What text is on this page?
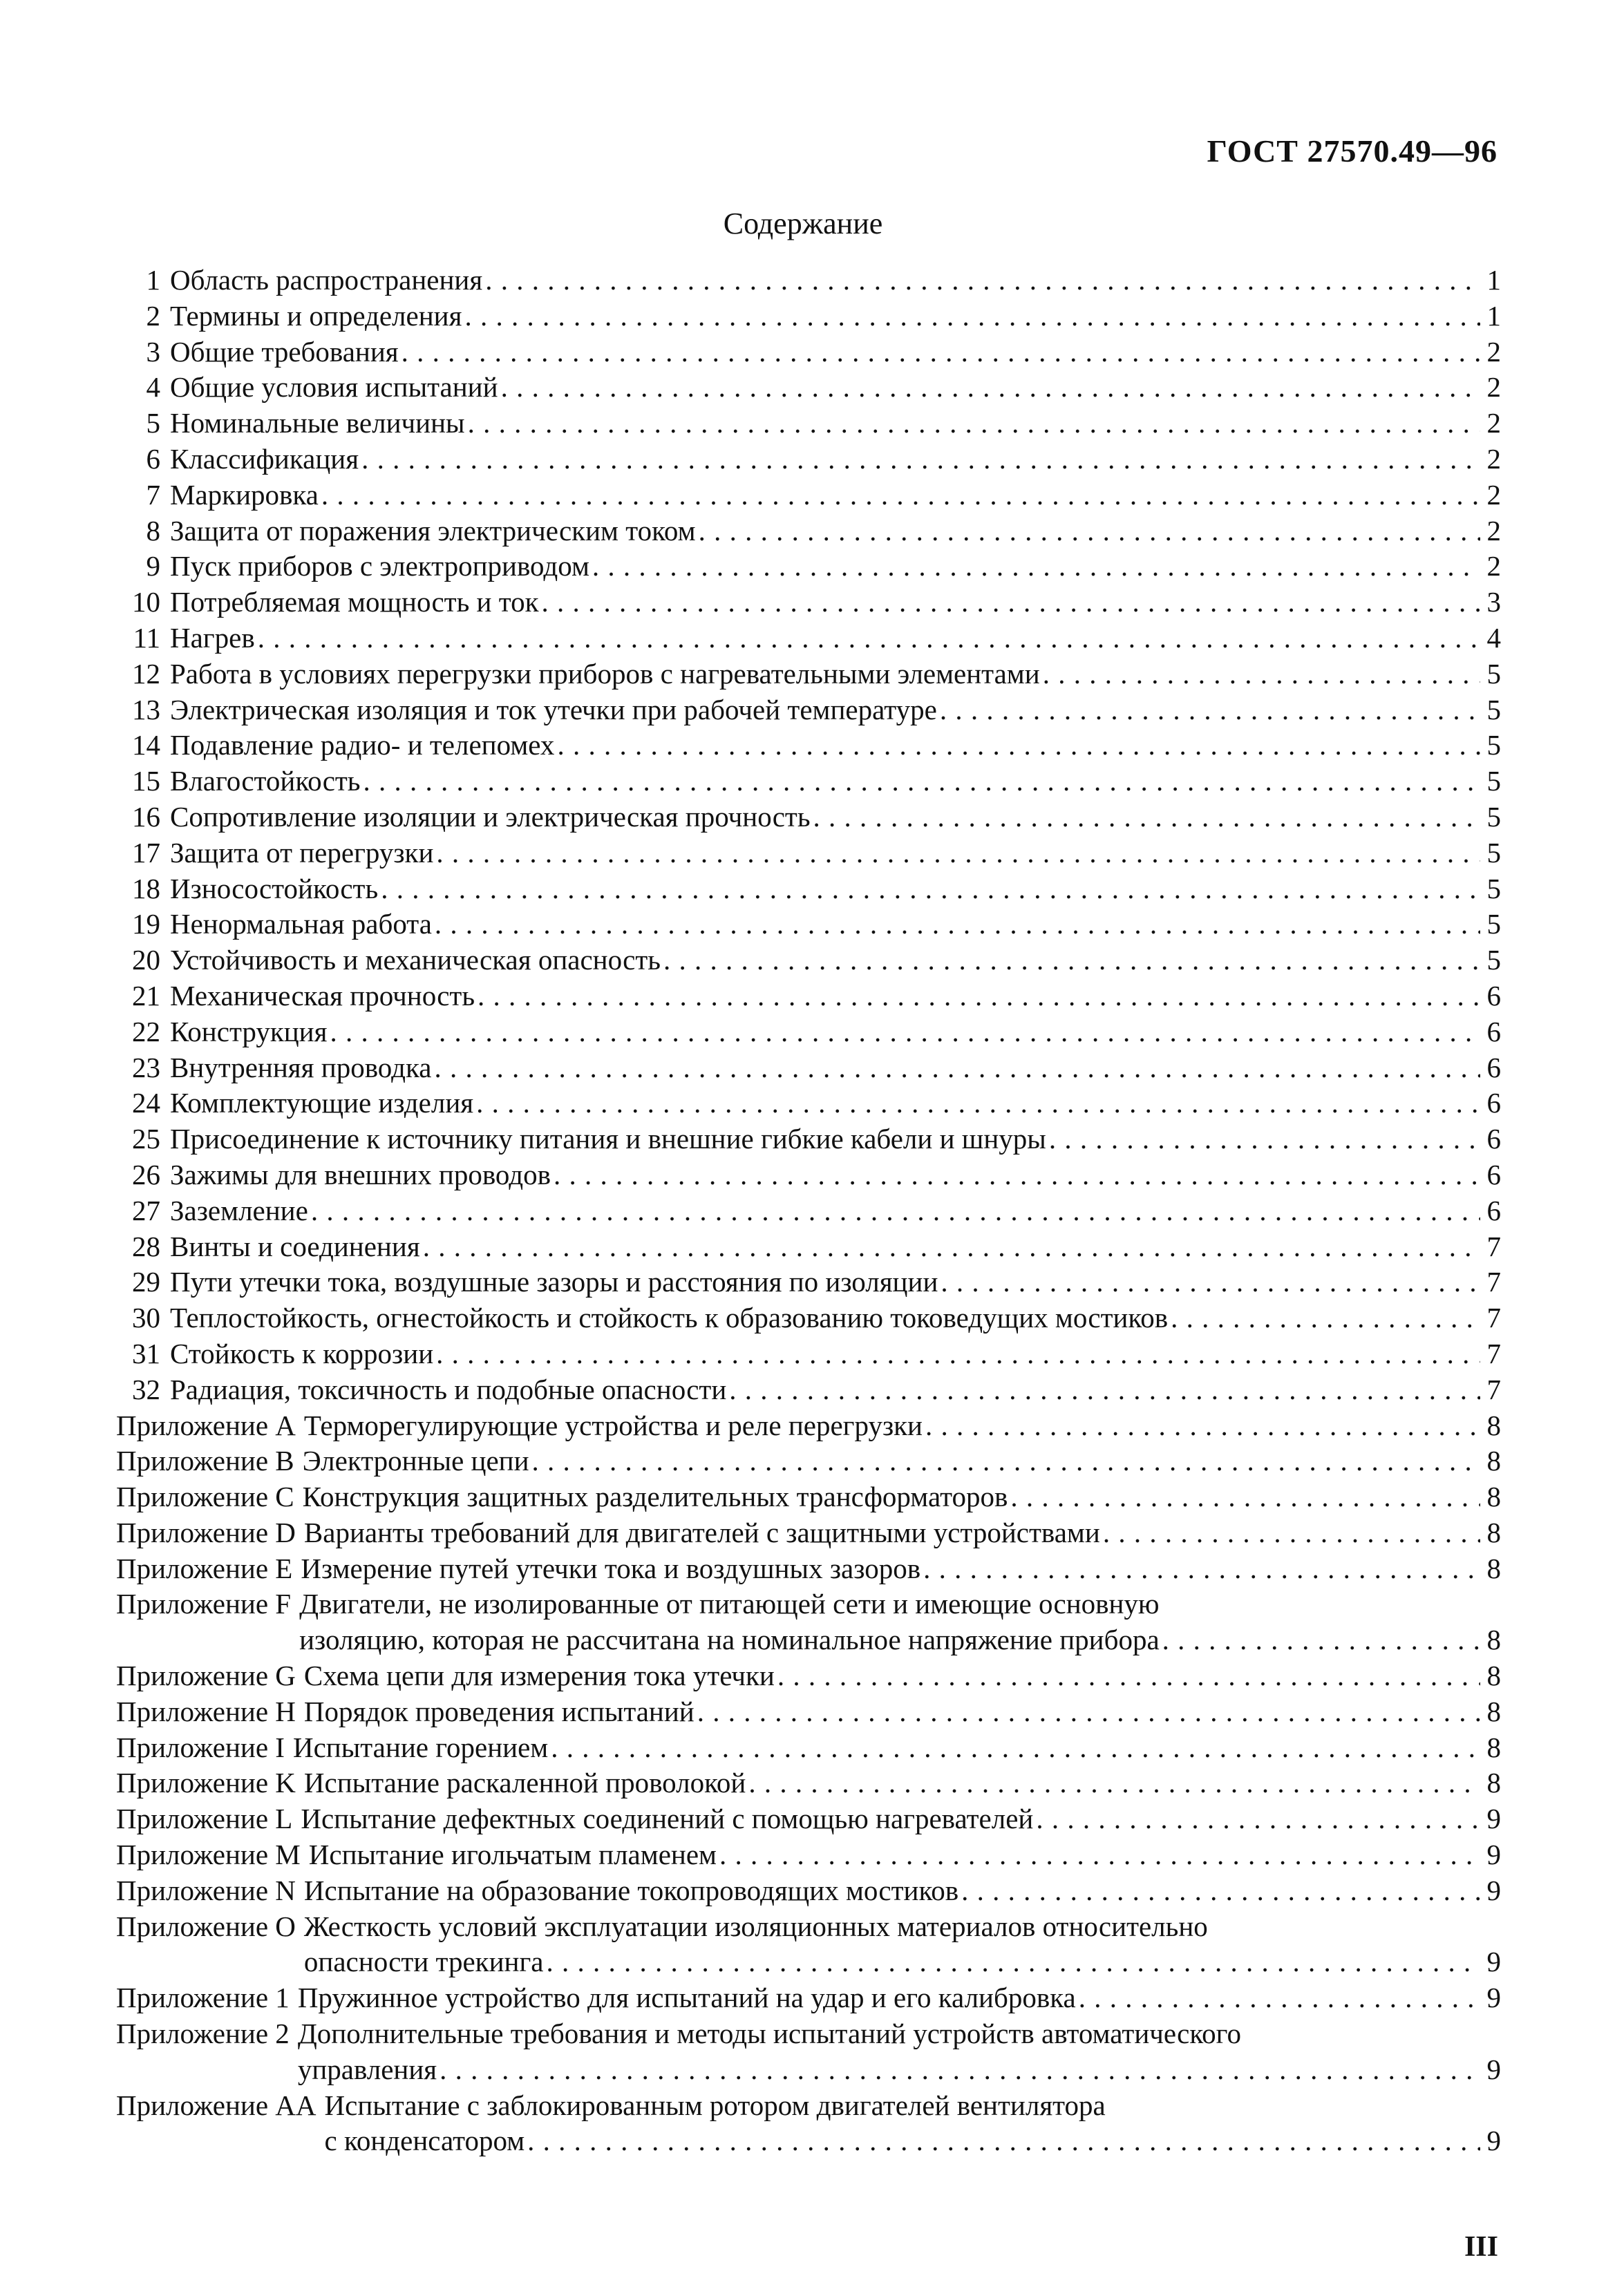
ГОСТ 27570.49—96
Содержание
1 Область распространения . . .	1
2 Термины и определения . . .	1
3 Общие требования . . .	2
4 Общие условия испытаний . . .	2
5 Номинальные величины . . .	2
6 Классификация . . .	2
7 Маркировка . . .	2
8 Защита от поражения электрическим током . . .	2
9 Пуск приборов с электроприводом . . .	2
10 Потребляемая мощность и ток . . .	3
11 Нагрев . . .	4
12 Работа в условиях перегрузки приборов с нагревательными элементами . . .	5
13 Электрическая изоляция и ток утечки при рабочей температуре . . .	5
14 Подавление радио- и телепомех . . .	5
15 Влагостойкость . . .	5
16 Сопротивление изоляции и электрическая прочность . . .	5
17 Защита от перегрузки . . .	5
18 Износостойкость . . .	5
19 Ненормальная работа . . .	5
20 Устойчивость и механическая опасность . . .	5
21 Механическая прочность . . .	6
22 Конструкция . . .	6
23 Внутренняя проводка . . .	6
24 Комплектующие изделия . . .	6
25 Присоединение к источнику питания и внешние гибкие кабели и шнуры . . .	6
26 Зажимы для внешних проводов . . .	6
27 Заземление . . .	6
28 Винты и соединения . . .	7
29 Пути утечки тока, воздушные зазоры и расстояния по изоляции . . .	7
30 Теплостойкость, огнестойкость и стойкость к образованию токоведущих мостиков . . .	7
31 Стойкость к коррозии . . .	7
32 Радиация, токсичность и подобные опасности . . .	7
Приложение A Терморегулирующие устройства и реле перегрузки . . .	8
Приложение B Электронные цепи . . .	8
Приложение C Конструкция защитных разделительных трансформаторов . . .	8
Приложение D Варианты требований для двигателей с защитными устройствами . . .	8
Приложение E Измерение путей утечки тока и воздушных зазоров . . .	8
Приложение F Двигатели, не изолированные от питающей сети и имеющие основную
изоляцию, которая не рассчитана на номинальное напряжение прибора . . .	8
Приложение G Схема цепи для измерения тока утечки . . .	8
Приложение H Порядок проведения испытаний . . .	8
Приложение I Испытание горением . . .	8
Приложение K Испытание раскаленной проволокой . . .	8
Приложение L Испытание дефектных соединений с помощью нагревателей . . .	9
Приложение M Испытание игольчатым пламенем . . .	9
Приложение N Испытание на образование токопроводящих мостиков . . .	9
Приложение O Жесткость условий эксплуатации изоляционных материалов относительно
опасности трекинга . . .	9
Приложение 1 Пружинное устройство для испытаний на удар и его калибровка . . .	9
Приложение 2 Дополнительные требования и методы испытаний устройств автоматического
управления . . .	9
Приложение AA Испытание с заблокированным ротором двигателей вентилятора
с конденсатором . . .	9
III
